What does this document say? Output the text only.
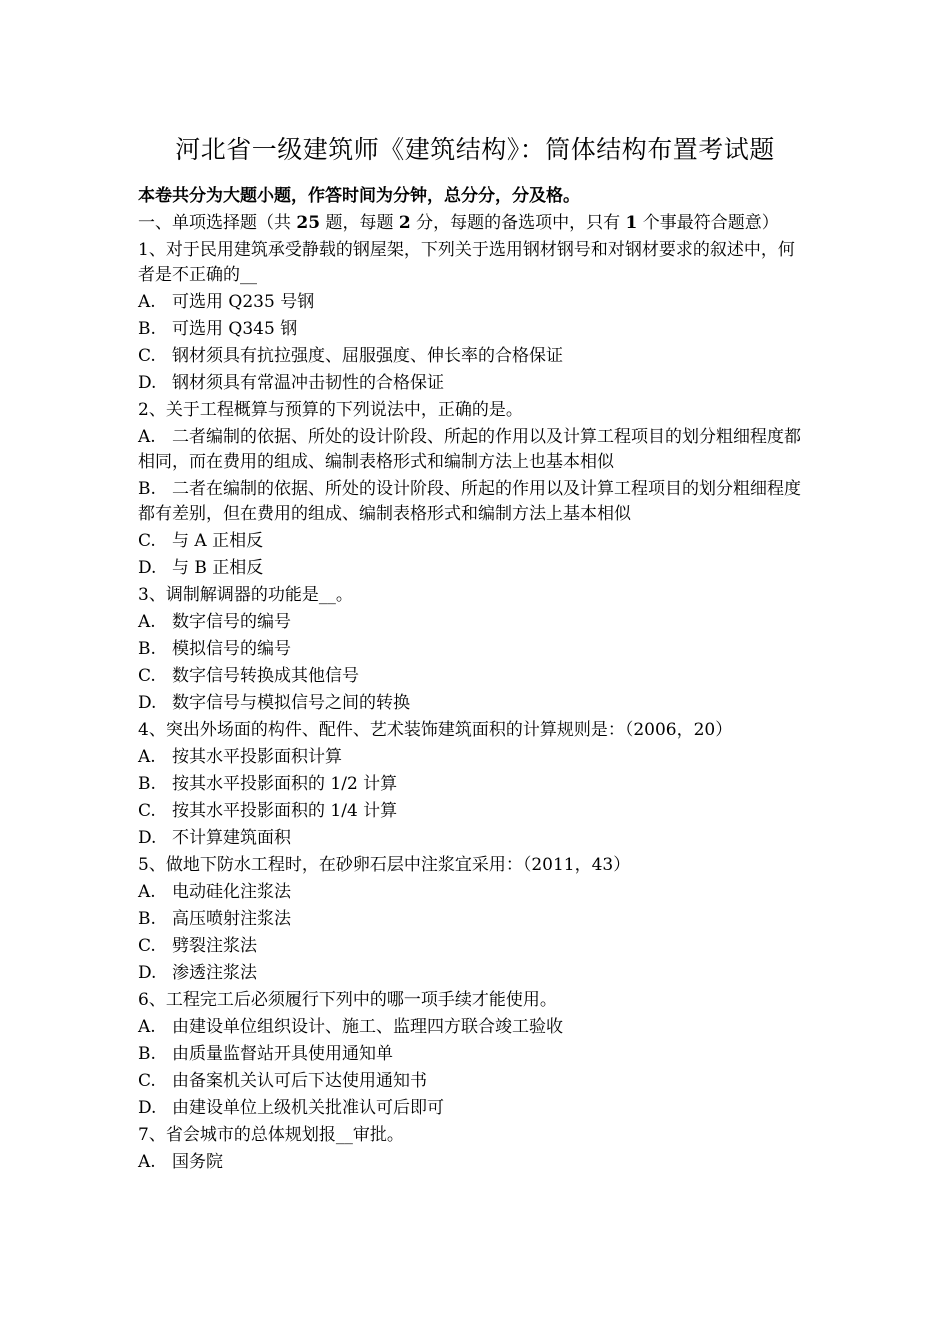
河北省一级建筑师《建筑结构》：筒体结构布置考试题

本卷共分为大题小题，作答时间为分钟，总分分，分及格。

一、单项选择题（共 25 题，每题 2 分，每题的备选项中，只有 1 个事最符合题意）

1、对于民用建筑承受静载的钢屋架，下列关于选用钢材钢号和对钢材要求的叙述中，何者是不正确的__

A. 可选用 Q235 号钢

B. 可选用 Q345 钢

C. 钢材须具有抗拉强度、屈服强度、伸长率的合格保证

D. 钢材须具有常温冲击韧性的合格保证

2、关于工程概算与预算的下列说法中，正确的是。

A. 二者编制的依据、所处的设计阶段、所起的作用以及计算工程项目的划分粗细程度都相同，而在费用的组成、编制表格形式和编制方法上也基本相似

B. 二者在编制的依据、所处的设计阶段、所起的作用以及计算工程项目的划分粗细程度都有差别，但在费用的组成、编制表格形式和编制方法上基本相似

C. 与 A 正相反

D. 与 B 正相反

3、调制解调器的功能是__。

A. 数字信号的编号

B. 模拟信号的编号

C. 数字信号转换成其他信号

D. 数字信号与模拟信号之间的转换

4、突出外场面的构件、配件、艺术装饰建筑面积的计算规则是：（2006，20）

A. 按其水平投影面积计算

B. 按其水平投影面积的 1/2 计算

C. 按其水平投影面积的 1/4 计算

D. 不计算建筑面积

5、做地下防水工程时，在砂卵石层中注浆宜采用：（2011，43）

A. 电动硅化注浆法

B. 高压喷射注浆法

C. 劈裂注浆法

D. 渗透注浆法

6、工程完工后必须履行下列中的哪一项手续才能使用。

A. 由建设单位组织设计、施工、监理四方联合竣工验收

B. 由质量监督站开具使用通知单

C. 由备案机关认可后下达使用通知书

D. 由建设单位上级机关批准认可后即可

7、省会城市的总体规划报__审批。

A. 国务院
